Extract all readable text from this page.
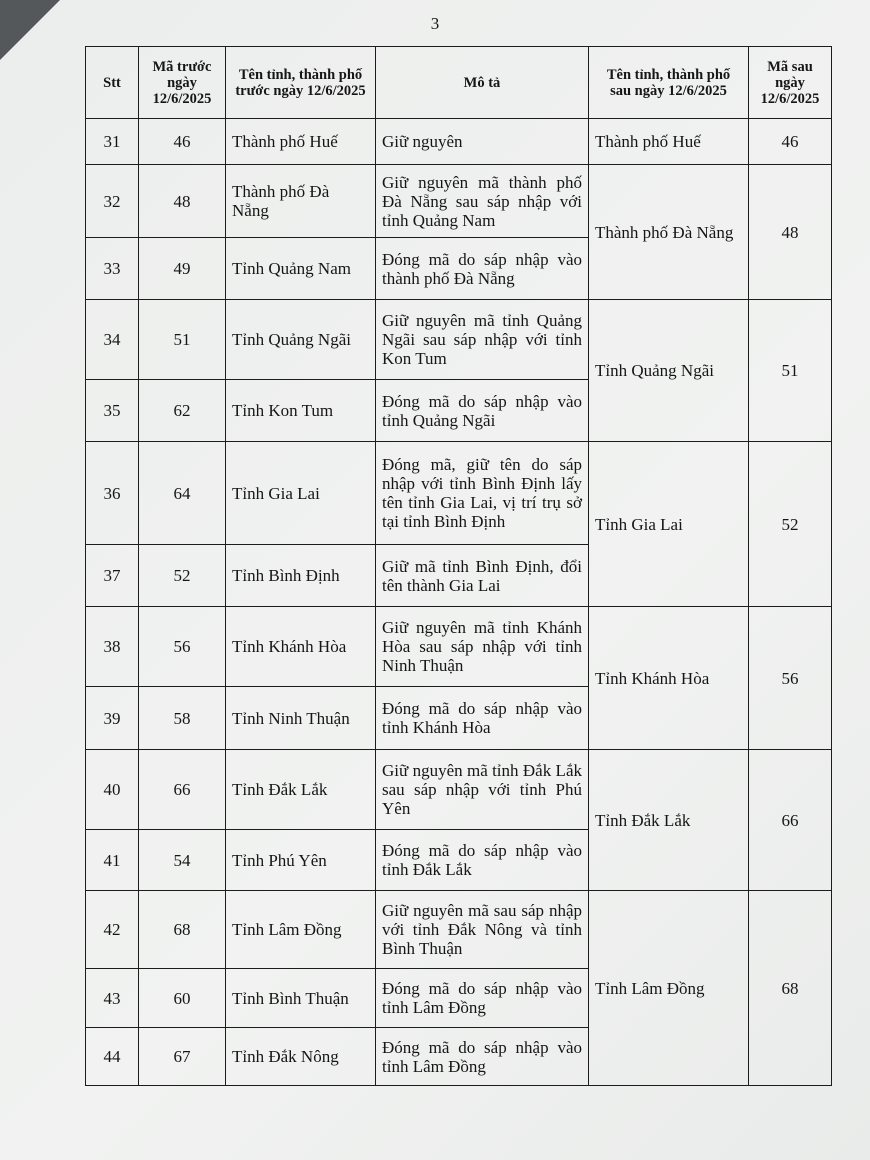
3
Stt	Mã trước ngày 12/6/2025	Tên tỉnh, thành phố trước ngày 12/6/2025	Mô tả	Tên tỉnh, thành phố sau ngày 12/6/2025	Mã sau ngày 12/6/2025
31	46	Thành phố Huế	Giữ nguyên	Thành phố Huế	46
32	48	Thành phố Đà Nẵng	Giữ nguyên mã thành phố Đà Nẵng sau sáp nhập với tỉnh Quảng Nam	Thành phố Đà Nẵng	48
33	49	Tỉnh Quảng Nam	Đóng mã do sáp nhập vào thành phố Đà Nẵng		
34	51	Tỉnh Quảng Ngãi	Giữ nguyên mã tỉnh Quảng Ngãi sau sáp nhập với tỉnh Kon Tum	Tỉnh Quảng Ngãi	51
35	62	Tỉnh Kon Tum	Đóng mã do sáp nhập vào tỉnh Quảng Ngãi		
36	64	Tỉnh Gia Lai	Đóng mã, giữ tên do sáp nhập với tỉnh Bình Định lấy tên tỉnh Gia Lai, vị trí trụ sở tại tỉnh Bình Định	Tỉnh Gia Lai	52
37	52	Tỉnh Bình Định	Giữ mã tỉnh Bình Định, đổi tên thành Gia Lai		
38	56	Tỉnh Khánh Hòa	Giữ nguyên mã tỉnh Khánh Hòa sau sáp nhập với tỉnh Ninh Thuận	Tỉnh Khánh Hòa	56
39	58	Tỉnh Ninh Thuận	Đóng mã do sáp nhập vào tỉnh Khánh Hòa		
40	66	Tỉnh Đắk Lắk	Giữ nguyên mã tỉnh Đắk Lắk sau sáp nhập với tỉnh Phú Yên	Tỉnh Đắk Lắk	66
41	54	Tỉnh Phú Yên	Đóng mã do sáp nhập vào tỉnh Đắk Lắk		
42	68	Tỉnh Lâm Đồng	Giữ nguyên mã sau sáp nhập với tỉnh Đắk Nông và tỉnh Bình Thuận	Tỉnh Lâm Đồng	68
43	60	Tỉnh Bình Thuận	Đóng mã do sáp nhập vào tỉnh Lâm Đồng		
44	67	Tỉnh Đắk Nông	Đóng mã do sáp nhập vào tỉnh Lâm Đồng		
